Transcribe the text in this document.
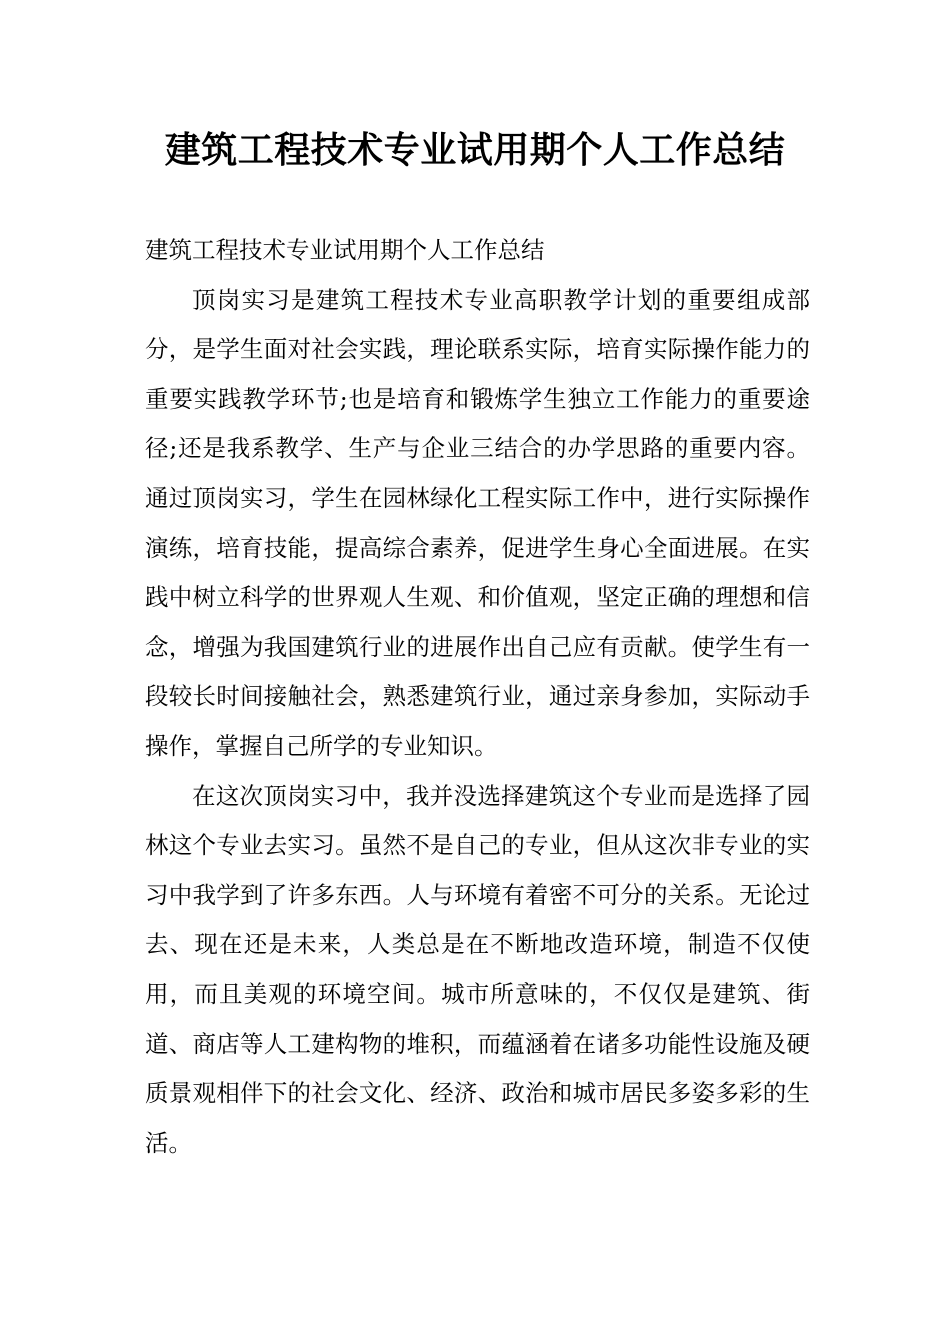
建筑工程技术专业试用期个人工作总结

建筑工程技术专业试用期个人工作总结

顶岗实习是建筑工程技术专业高职教学计划的重要组成部分，是学生面对社会实践，理论联系实际，培育实际操作能力的重要实践教学环节;也是培育和锻炼学生独立工作能力的重要途径;还是我系教学、生产与企业三结合的办学思路的重要内容。通过顶岗实习，学生在园林绿化工程实际工作中，进行实际操作演练，培育技能，提高综合素养，促进学生身心全面进展。在实践中树立科学的世界观人生观、和价值观，坚定正确的理想和信念，增强为我国建筑行业的进展作出自己应有贡献。使学生有一段较长时间接触社会，熟悉建筑行业，通过亲身参加，实际动手操作，掌握自己所学的专业知识。

在这次顶岗实习中，我并没选择建筑这个专业而是选择了园林这个专业去实习。虽然不是自己的专业，但从这次非专业的实习中我学到了许多东西。人与环境有着密不可分的关系。无论过去、现在还是未来，人类总是在不断地改造环境，制造不仅使用，而且美观的环境空间。城市所意味的，不仅仅是建筑、街道、商店等人工建构物的堆积，而蕴涵着在诸多功能性设施及硬质景观相伴下的社会文化、经济、政治和城市居民多姿多彩的生活。
